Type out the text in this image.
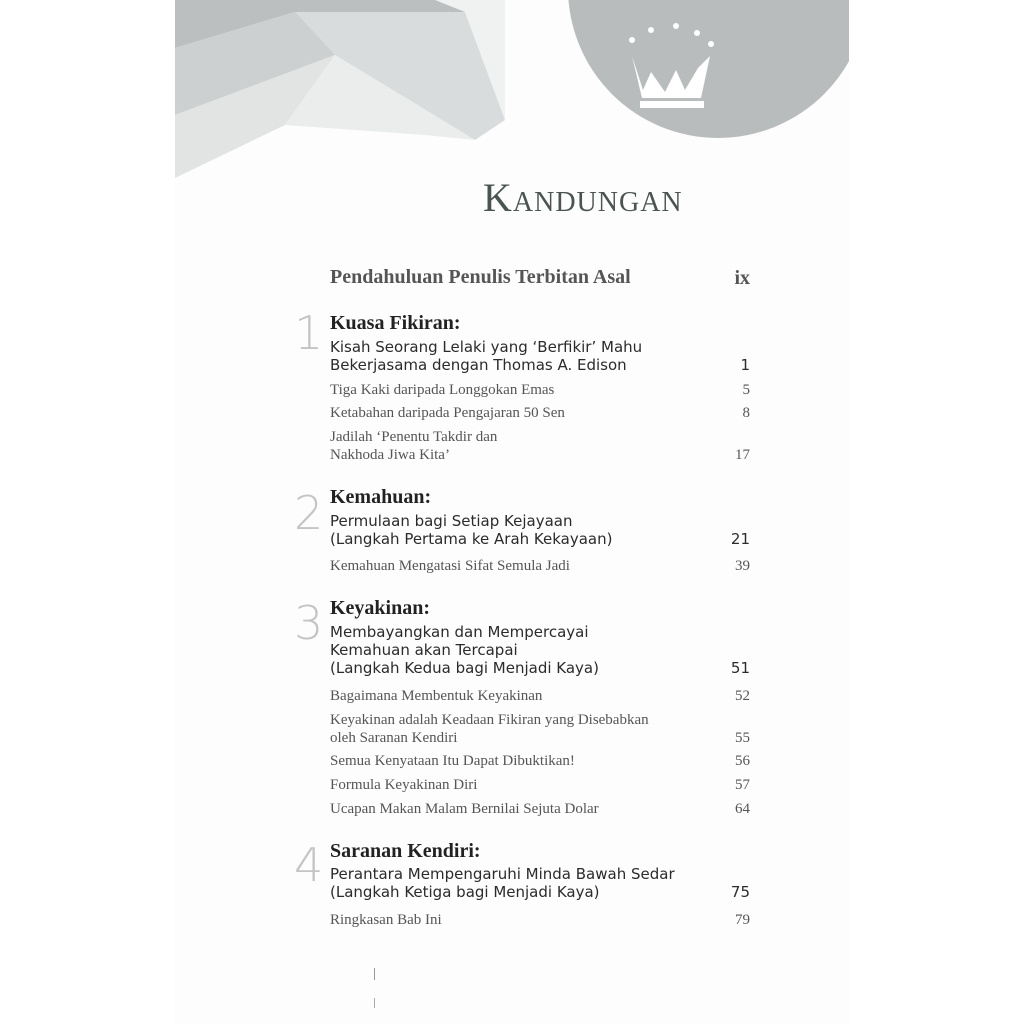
Kandungan
Pendahuluan Penulis Terbitan Asal	ix
1 Kuasa Fikiran:
Kisah Seorang Lelaki yang ‘Berfikir’ Mahu
Bekerjasama dengan Thomas A. Edison	1
Tiga Kaki daripada Longgokan Emas	5
Ketabahan daripada Pengajaran 50 Sen	8
Jadilah ‘Penentu Takdir dan
Nakhoda Jiwa Kita’	17
2 Kemahuan:
Permulaan bagi Setiap Kejayaan
(Langkah Pertama ke Arah Kekayaan)	21
Kemahuan Mengatasi Sifat Semula Jadi	39
3 Keyakinan:
Membayangkan dan Mempercayai
Kemahuan akan Tercapai
(Langkah Kedua bagi Menjadi Kaya)	51
Bagaimana Membentuk Keyakinan	52
Keyakinan adalah Keadaan Fikiran yang Disebabkan
oleh Saranan Kendiri	55
Semua Kenyataan Itu Dapat Dibuktikan!	56
Formula Keyakinan Diri	57
Ucapan Makan Malam Bernilai Sejuta Dolar	64
4 Saranan Kendiri:
Perantara Mempengaruhi Minda Bawah Sedar
(Langkah Ketiga bagi Menjadi Kaya)	75
Ringkasan Bab Ini	79
